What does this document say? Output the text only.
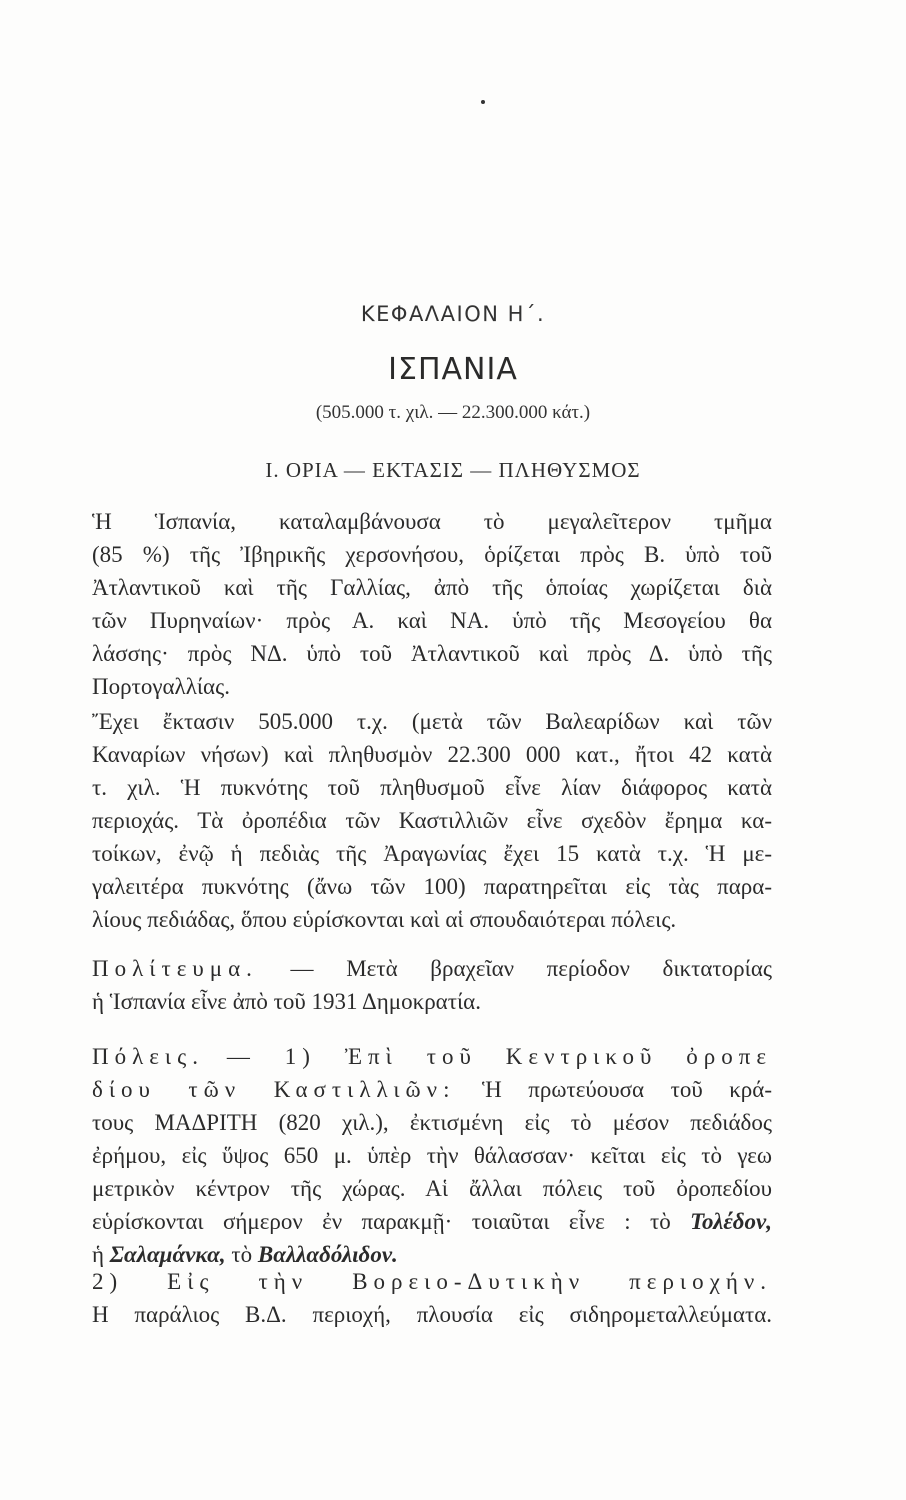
ΚΕΦΑΛΑΙΟΝ Η΄.
ΙΣΠΑΝΙΑ
(505.000 τ. χιλ. — 22.300.000 κάτ.)
Ι. ΟΡΙΑ — ΕΚΤΑΣΙΣ — ΠΛΗΘΥΣΜΟΣ
Ἡ Ἱσπανία, καταλαμβάνουσα τὸ μεγαλεῖτερον τμῆμα
(85 %) τῆς Ἰβηρικῆς χερσονήσου, ὁρίζεται πρὸς Β. ὑπὸ τοῦ
Ἀτλαντικοῦ καὶ τῆς Γαλλίας, ἀπὸ τῆς ὁποίας χωρίζεται διὰ
τῶν Πυρηναίων· πρὸς Α. καὶ ΝΑ. ὑπὸ τῆς Μεσογείου θα
λάσσης· πρὸς ΝΔ. ὑπὸ τοῦ Ἀτλαντικοῦ καὶ πρὸς Δ. ὑπὸ τῆς
Πορτογαλλίας.
Ἔχει ἔκτασιν 505.000 τ.χ. (μετὰ τῶν Βαλεαρίδων καὶ τῶν
Καναρίων νήσων) καὶ πληθυσμὸν 22.300 000 κατ., ἤτοι 42 κατὰ
τ. χιλ. Ἡ πυκνότης τοῦ πληθυσμοῦ εἶνε λίαν διάφορος κατὰ
περιοχάς. Τὰ ὀροπέδια τῶν Καστιλλιῶν εἶνε σχεδὸν ἔρημα κα-
τοίκων, ἐνῷ ἡ πεδιὰς τῆς Ἀραγωνίας ἔχει 15 κατὰ τ.χ. Ἡ με-
γαλειτέρα πυκνότης (ἄνω τῶν 100) παρατηρεῖται εἰς τὰς παρα-
λίους πεδιάδας, ὅπου εὑρίσκονται καὶ αἱ σπουδαιότεραι πόλεις.
Πολίτευμα. — Μετὰ βραχεῖαν περίοδον δικτατορίας
ἡ Ἱσπανία εἶνε ἀπὸ τοῦ 1931 Δημοκρατία.
Πόλεις. — 1) Ἐπὶ τοῦ Κεντρικοῦ ὀροπε
δίου τῶν Καστιλλιῶν: Ἡ πρωτεύουσα τοῦ κρά-
τους ΜΑΔΡΙΤΗ (820 χιλ.), ἐκτισμένη εἰς τὸ μέσον πεδιάδος
ἐρήμου, εἰς ὕψος 650 μ. ὑπὲρ τὴν θάλασσαν· κεῖται εἰς τὸ γεω
μετρικὸν κέντρον τῆς χώρας. Αἱ ἄλλαι πόλεις τοῦ ὀροπεδίου
εὑρίσκονται σήμερον ἐν παρακμῇ· τοιαῦται εἶνε : τὸ Τολέδον,
ἡ Σαλαμάνκα, τὸ Βαλλαδόλιδον.
2) Εἰς τὴν Βορειο-Δυτικὴν περιοχήν.
Η παράλιος Β.Δ. περιοχή, πλουσία εἰς σιδηρομεταλλεύματα.
